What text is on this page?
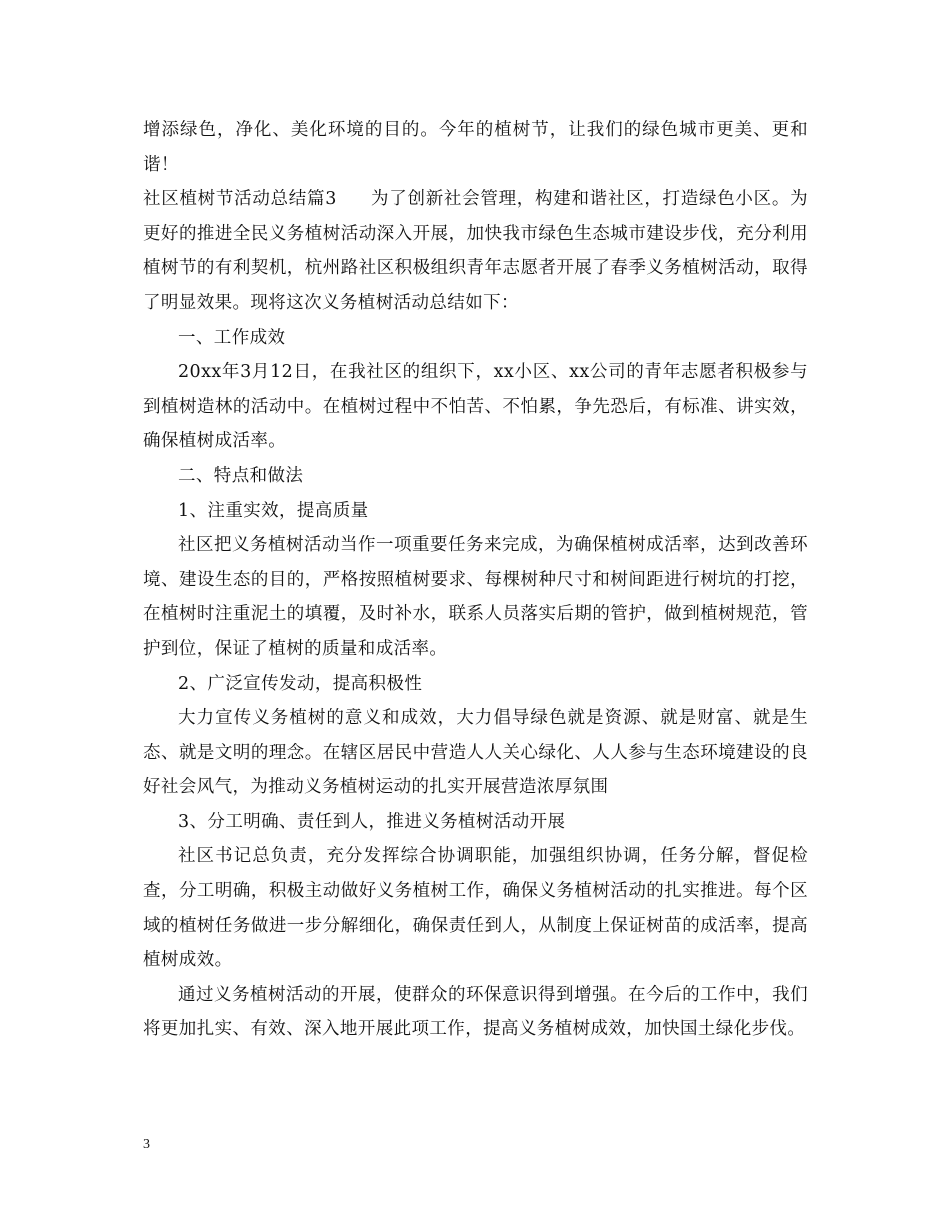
增添绿色，净化、美化环境的目的。今年的植树节，让我们的绿色城市更美、更和谐！

社区植树节活动总结篇3 为了创新社会管理，构建和谐社区，打造绿色小区。为更好的推进全民义务植树活动深入开展，加快我市绿色生态城市建设步伐，充分利用植树节的有利契机，杭州路社区积极组织青年志愿者开展了春季义务植树活动，取得了明显效果。现将这次义务植树活动总结如下：

一、工作成效

20xx年3月12日，在我社区的组织下，xx小区、xx公司的青年志愿者积极参与到植树造林的活动中。在植树过程中不怕苦、不怕累，争先恐后，有标准、讲实效，确保植树成活率。

二、特点和做法

1、注重实效，提高质量

社区把义务植树活动当作一项重要任务来完成，为确保植树成活率，达到改善环境、建设生态的目的，严格按照植树要求、每棵树种尺寸和树间距进行树坑的打挖，在植树时注重泥土的填覆，及时补水，联系人员落实后期的管护，做到植树规范，管护到位，保证了植树的质量和成活率。

2、广泛宣传发动，提高积极性

大力宣传义务植树的意义和成效，大力倡导绿色就是资源、就是财富、就是生态、就是文明的理念。在辖区居民中营造人人关心绿化、人人参与生态环境建设的良好社会风气，为推动义务植树运动的扎实开展营造浓厚氛围

3、分工明确、责任到人，推进义务植树活动开展

社区书记总负责，充分发挥综合协调职能，加强组织协调，任务分解，督促检查，分工明确，积极主动做好义务植树工作，确保义务植树活动的扎实推进。每个区域的植树任务做进一步分解细化，确保责任到人，从制度上保证树苗的成活率，提高植树成效。

通过义务植树活动的开展，使群众的环保意识得到增强。在今后的工作中，我们将更加扎实、有效、深入地开展此项工作，提高义务植树成效，加快国土绿化步伐。

3
